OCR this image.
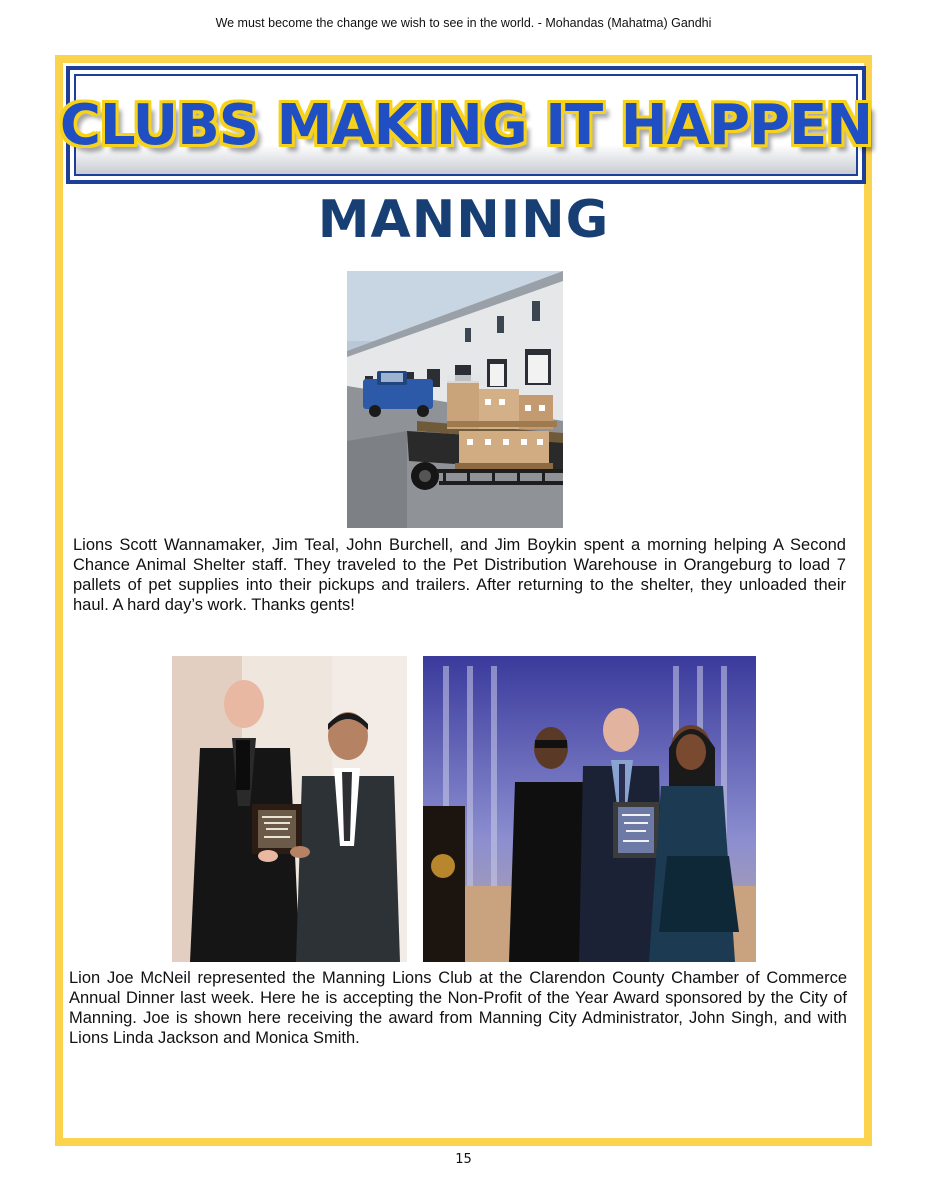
We must become the change we wish to see in the world. - Mohandas (Mahatma) Gandhi
CLUBS MAKING IT HAPPEN
MANNING

Lions Scott Wannamaker, Jim Teal, John Burchell, and Jim Boykin spent a morning helping A Second Chance Animal Shelter staff. They traveled to the Pet Distribution Warehouse in Orangeburg to load 7 pallets of pet supplies into their pickups and trailers. After returning to the shelter, they unloaded their haul. A hard day’s work. Thanks gents!

Lion Joe McNeil represented the Manning Lions Club at the Clarendon County Chamber of Commerce Annual Dinner last week. Here he is accepting the Non-Profit of the Year Award sponsored by the City of Manning. Joe is shown here receiving the award from Manning City Administrator, John Singh, and with Lions Linda Jackson and Monica Smith.

15
